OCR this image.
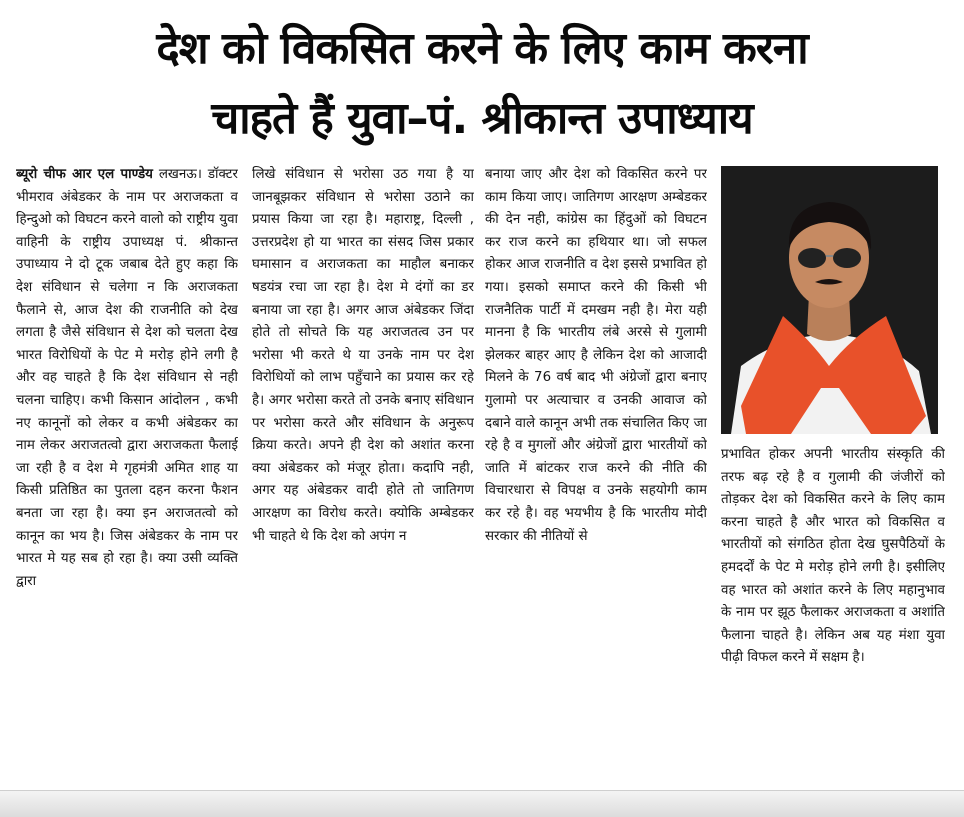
देश को विकसित करने के लिए काम करना
चाहते हैं युवा–पं. श्रीकान्त उपाध्याय

ब्यूरो चीफ आर एल पाण्डेय लखनऊ। डॉक्टर भीमराव अंबेडकर के नाम पर अराजकता व हिन्दुओ को विघटन करने वालो को राष्ट्रीय युवा वाहिनी के राष्ट्रीय उपाध्यक्ष पं. श्रीकान्त उपाध्याय ने दो टूक जबाब देते हुए कहा कि देश संविधान से चलेगा न कि अराजकता फैलाने से, आज देश की राजनीति को देख लगता है जैसे संविधान से देश को चलता देख भारत विरोधियों के पेट मे मरोड़ होने लगी है और वह चाहते है कि देश संविधान से नही चलना चाहिए। कभी किसान आंदोलन , कभी नए कानूनों को लेकर व कभी अंबेडकर का नाम लेकर अराजतत्वो द्वारा अराजकता फैलाई जा रही है व देश मे गृहमंत्री अमित शाह या किसी प्रतिष्ठित का पुतला दहन करना फैशन बनता जा रहा है। क्या इन अराजतत्वो को कानून का भय है। जिस अंबेडकर के नाम पर भारत मे यह सब हो रहा है। क्या उसी व्यक्ति द्वारा

लिखे संविधान से भरोसा उठ गया है या जानबूझकर संविधान से भरोसा उठाने का प्रयास किया जा रहा है। महाराष्ट्र, दिल्ली , उत्तरप्रदेश हो या भारत का संसद जिस प्रकार घमासान व अराजकता का माहौल बनाकर षडयंत्र रचा जा रहा है। देश मे दंगों का डर बनाया जा रहा है। अगर आज अंबेडकर जिंदा होते तो सोचते कि यह अराजतत्व उन पर भरोसा भी करते थे या उनके नाम पर देश विरोधियों को लाभ पहुँचाने का प्रयास कर रहे है। अगर भरोसा करते तो उनके बनाए संविधान पर भरोसा करते और संविधान के अनुरूप क्रिया करते। अपने ही देश को अशांत करना क्या अंबेडकर को मंजूर होता। कदापि नही, अगर यह अंबेडकर वादी होते तो जातिगण आरक्षण का विरोध करते। क्योकि अम्बेडकर भी चाहते थे कि देश को अपंग न

बनाया जाए और देश को विकसित करने पर काम किया जाए। जातिगण आरक्षण अम्बेडकर की देन नही, कांग्रेस का हिंदुओं को विघटन कर राज करने का हथियार था। जो सफल होकर आज राजनीति व देश इससे प्रभावित हो गया। इसको समाप्त करने की किसी भी राजनैतिक पार्टी में दमखम नही है। मेरा यही मानना है कि भारतीय लंबे अरसे से गुलामी झेलकर बाहर आए है लेकिन देश को आजादी मिलने के 76 वर्ष बाद भी अंग्रेजों द्वारा बनाए गुलामो पर अत्याचार व उनकी आवाज को दबाने वाले कानून अभी तक संचालित किए जा रहे है व मुगलों और अंग्रेजों द्वारा भारतीयों को जाति में बांटकर राज करने की नीति की विचारधारा से विपक्ष व उनके सहयोगी काम कर रहे है। वह भयभीय है कि भारतीय मोदी सरकार की नीतियों से

प्रभावित होकर अपनी भारतीय संस्कृति की तरफ बढ़ रहे है व गुलामी की जंजीरों को तोड़कर देश को विकसित करने के लिए काम करना चाहते है और भारत को विकसित व भारतीयों को संगठित होता देख घुसपैठियों के हमदर्दों के पेट मे मरोड़ होने लगी है। इसीलिए वह भारत को अशांत करने के लिए महानुभाव के नाम पर झूठ फैलाकर अराजकता व अशांति फैलाना चाहते है। लेकिन अब यह मंशा युवा पीढ़ी विफल करने में सक्षम है।
